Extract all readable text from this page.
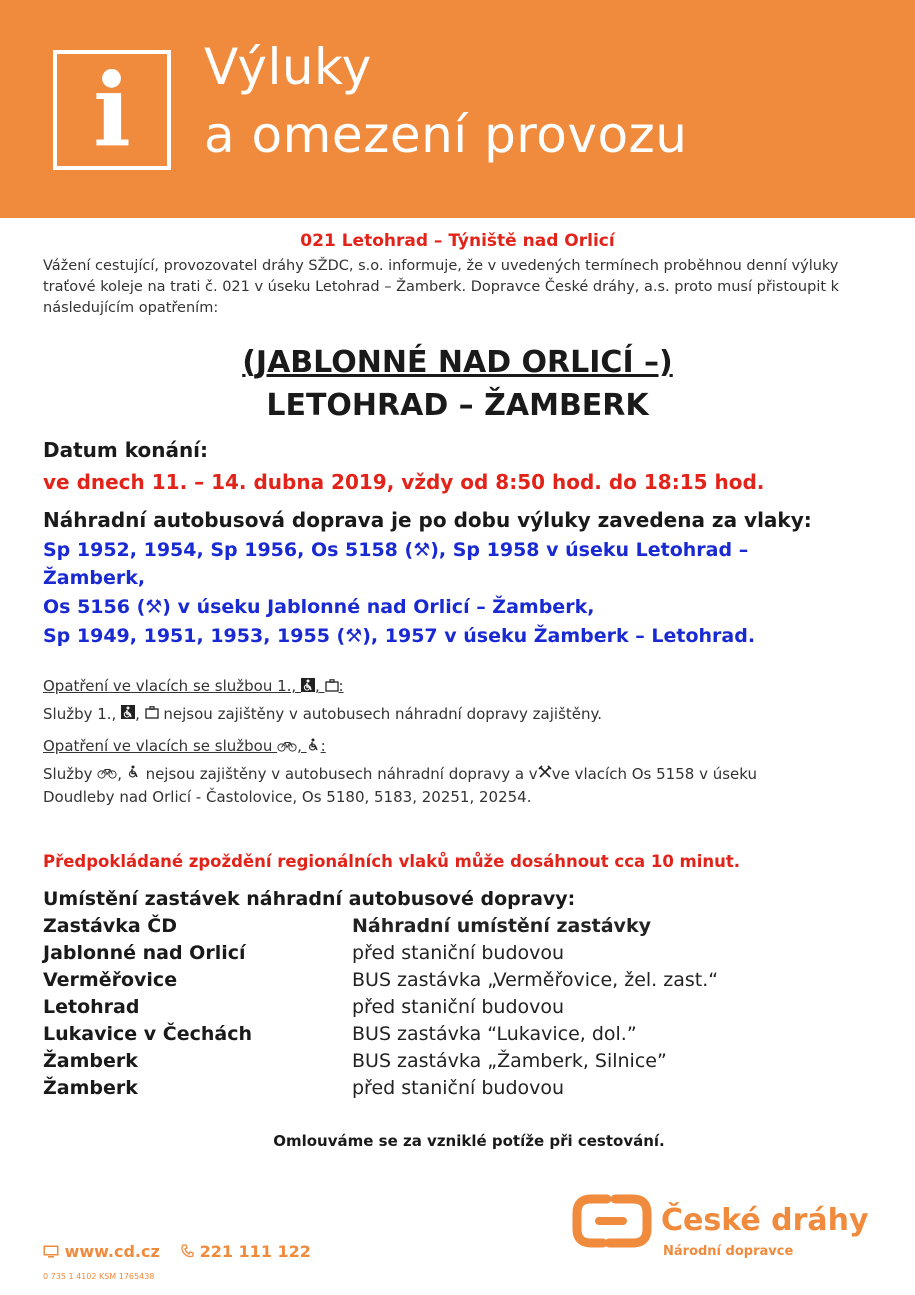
i	Výluky
a omezení provozu
021 Letohrad – Týniště nad Orlicí
Vážení cestující, provozovatel dráhy SŽDC, s.o. informuje, že v uvedených termínech proběhnou denní výluky traťové koleje na trati č. 021 v úseku Letohrad – Žamberk. Dopravce České dráhy, a.s. proto musí přistoupit k následujícím opatřením:
(JABLONNÉ NAD ORLICÍ –)
LETOHRAD – ŽAMBERK
Datum konání:
ve dnech 11. – 14. dubna 2019, vždy od 8:50 hod. do 18:15 hod.
Náhradní autobusová doprava je po dobu výluky zavedena za vlaky:
Sp 1952, 1954, Sp 1956, Os 5158 (⚒), Sp 1958 v úseku Letohrad –
Žamberk,
Os 5156 (⚒) v úseku Jablonné nad Orlicí – Žamberk,
Sp 1949, 1951, 1953, 1955 (⚒), 1957 v úseku Žamberk – Letohrad.
Opatření ve vlacích se službou 1., , :
Služby 1., ,  nejsou zajištěny v autobusech náhradní dopravy zajištěny.
Opatření ve vlacích se službou , :
Služby ,  nejsou zajištěny v autobusech náhradní dopravy a v ve vlacích Os 5158 v úseku
Doudleby nad Orlicí - Častolovice, Os 5180, 5183, 20251, 20254.
Předpokládané zpoždění regionálních vlaků může dosáhnout cca 10 minut.
Umístění zastávek náhradní autobusové dopravy:
Zastávka ČD	Náhradní umístění zastávky
Jablonné nad Orlicí	před staniční budovou
Verměřovice	BUS zastávka „Verměřovice, žel. zast.“
Letohrad	před staniční budovou
Lukavice v Čechách	BUS zastávka “Lukavice, dol.”
Žamberk	BUS zastávka „Žamberk, Silnice”
Žamberk	před staniční budovou
Omlouváme se za vzniklé potíže při cestování.
www.cd.cz	221 111 122
0 735 1 4102 KSM 1765438
České dráhy
Národní dopravce
